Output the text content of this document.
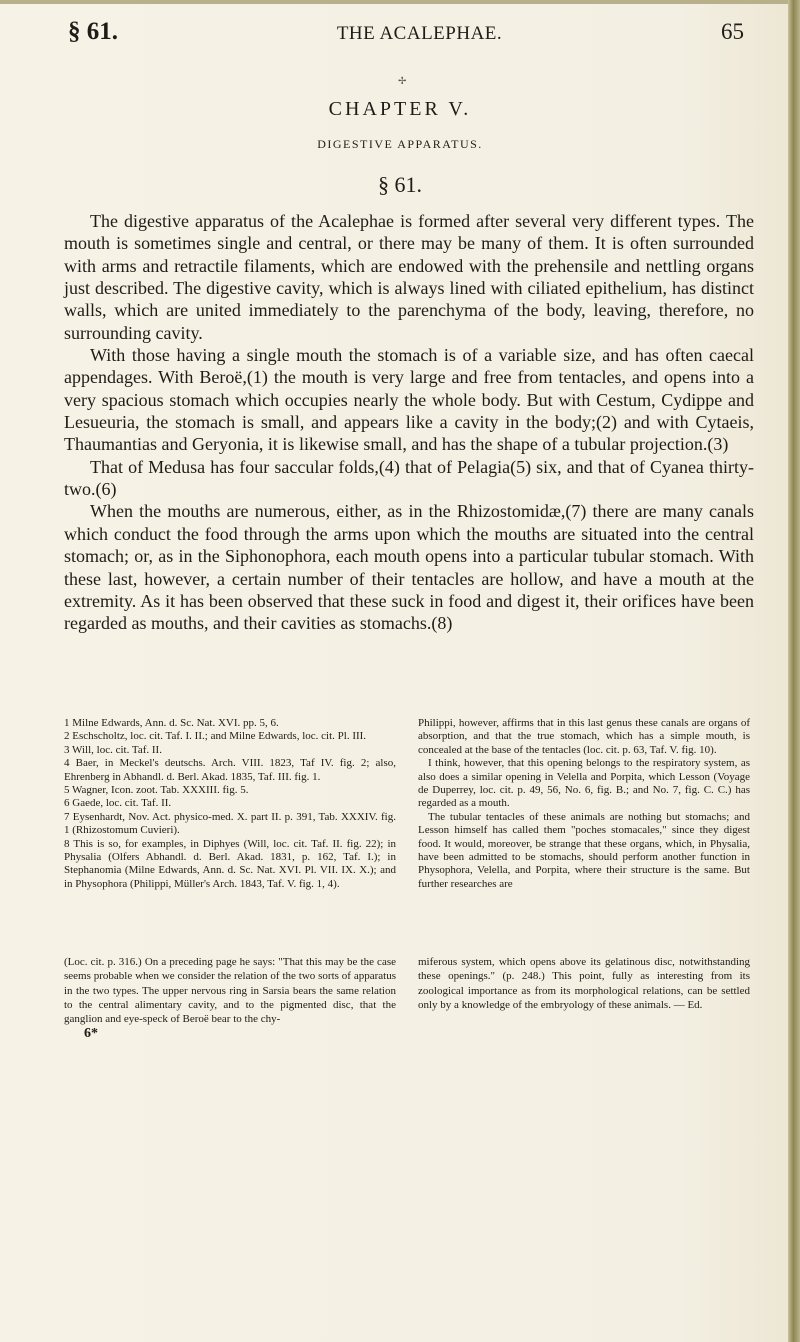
§ 61.	THE ACALEPHAE.	65
✢
CHAPTER V.
DIGESTIVE APPARATUS.
§ 61.

The digestive apparatus of the Acalephae is formed after several very different types. The mouth is sometimes single and central, or there may be many of them. It is often surrounded with arms and retractile filaments, which are endowed with the prehensile and nettling organs just described. The digestive cavity, which is always lined with ciliated epithelium, has distinct walls, which are united immediately to the parenchyma of the body, leaving, therefore, no surrounding cavity.

With those having a single mouth the stomach is of a variable size, and has often caecal appendages. With Beroë,(1) the mouth is very large and free from tentacles, and opens into a very spacious stomach which occupies nearly the whole body. But with Cestum, Cydippe and Lesueuria, the stomach is small, and appears like a cavity in the body;(2) and with Cytaeis, Thaumantias and Geryonia, it is likewise small, and has the shape of a tubular projection.(3)

That of Medusa has four saccular folds,(4) that of Pelagia(5) six, and that of Cyanea thirty-two.(6)

When the mouths are numerous, either, as in the Rhizostomidæ,(7) there are many canals which conduct the food through the arms upon which the mouths are situated into the central stomach; or, as in the Siphonophora, each mouth opens into a particular tubular stomach. With these last, however, a certain number of their tentacles are hollow, and have a mouth at the extremity. As it has been observed that these suck in food and digest it, their orifices have been regarded as mouths, and their cavities as stomachs.(8)

1 Milne Edwards, Ann. d. Sc. Nat. XVI. pp. 5, 6.

2 Eschscholtz, loc. cit. Taf. I. II.; and Milne Edwards, loc. cit. Pl. III.

3 Will, loc. cit. Taf. II.

4 Baer, in Meckel's deutschs. Arch. VIII. 1823, Taf IV. fig. 2; also, Ehrenberg in Abhandl. d. Berl. Akad. 1835, Taf. III. fig. 1.

5 Wagner, Icon. zoot. Tab. XXXIII. fig. 5.

6 Gaede, loc. cit. Taf. II.

7 Eysenhardt, Nov. Act. physico-med. X. part II. p. 391, Tab. XXXIV. fig. 1 (Rhizostomum Cuvieri).

8 This is so, for examples, in Diphyes (Will, loc. cit. Taf. II. fig. 22); in Physalia (Olfers Abhandl. d. Berl. Akad. 1831, p. 162, Taf. I.); in Stephanomia (Milne Edwards, Ann. d. Sc. Nat. XVI. Pl. VII. IX. X.); and in Physophora (Philippi, Müller's Arch. 1843, Taf. V. fig. 1, 4).

Philippi, however, affirms that in this last genus these canals are organs of absorption, and that the true stomach, which has a simple mouth, is concealed at the base of the tentacles (loc. cit. p. 63, Taf. V. fig. 10).

I think, however, that this opening belongs to the respiratory system, as also does a similar opening in Velella and Porpita, which Lesson (Voyage de Duperrey, loc. cit. p. 49, 56, No. 6, fig. B.; and No. 7, fig. C. C.) has regarded as a mouth.

The tubular tentacles of these animals are nothing but stomachs; and Lesson himself has called them "poches stomacales," since they digest food. It would, moreover, be strange that these organs, which, in Physalia, have been admitted to be stomachs, should perform another function in Physophora, Velella, and Porpita, where their structure is the same. But further researches are

(Loc. cit. p. 316.) On a preceding page he says: "That this may be the case seems probable when we consider the relation of the two sorts of apparatus in the two types. The upper nervous ring in Sarsia bears the same relation to the central alimentary cavity, and to the pigmented disc, that the ganglion and eye-speck of Beroë bear to the chy-
miferous system, which opens above its gelatinous disc, notwithstanding these openings." (p. 248.) This point, fully as interesting from its zoological importance as from its morphological relations, can be settled only by a knowledge of the embryology of these animals. — Ed.
6*
